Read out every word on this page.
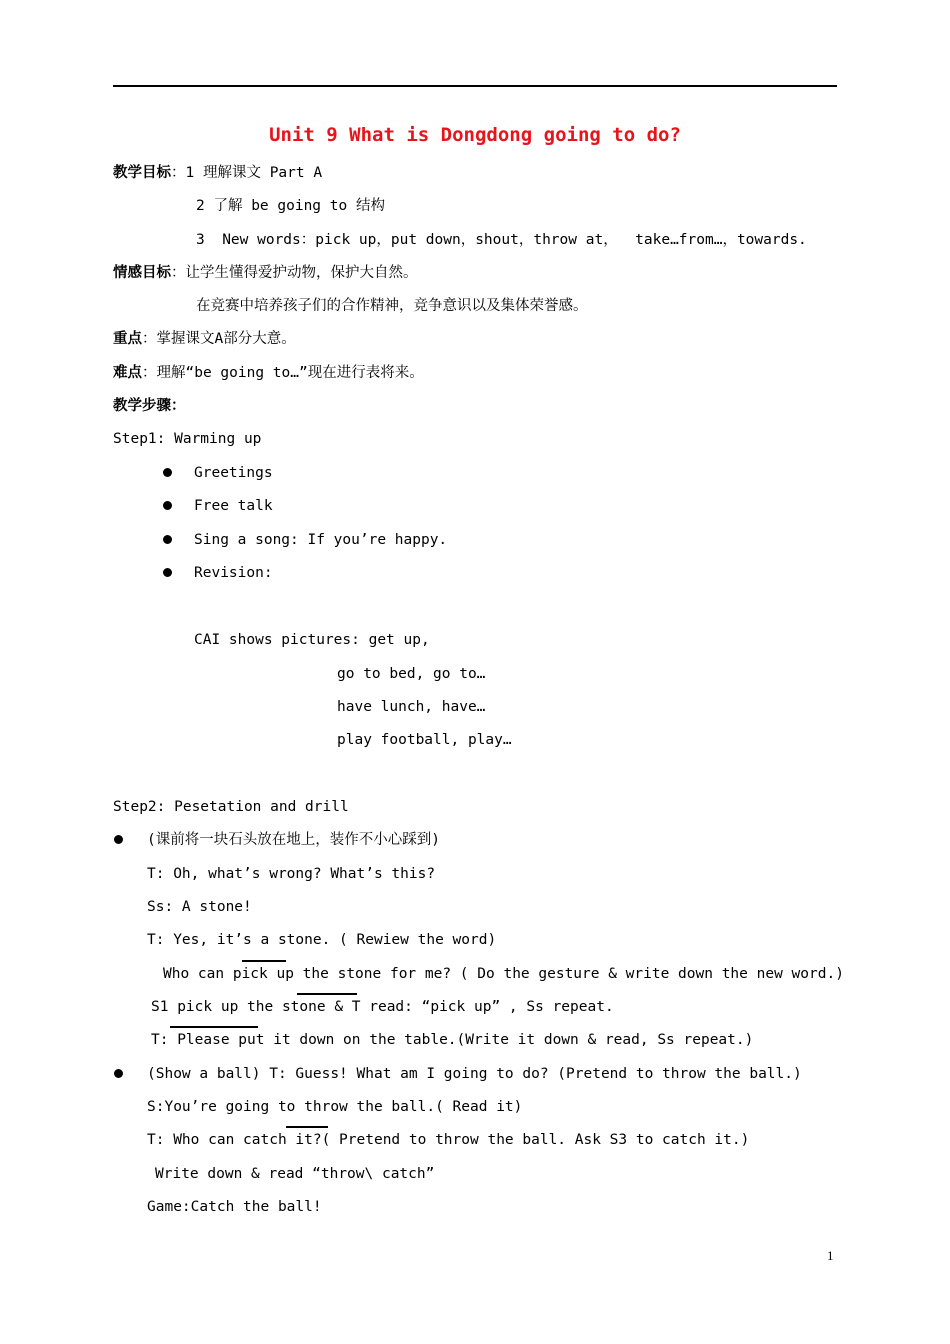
Unit 9 What is Dongdong going to do?
教学目标：1 理解课文 Part A
2 了解 be going to 结构
3  New words：pick up，put down，shout，throw at，  take…from…，towards.
情感目标：让学生懂得爱护动物，保护大自然。
在竞赛中培养孩子们的合作精神，竞争意识以及集体荣誉感。
重点：掌握课文A部分大意。
难点：理解“be going to…”现在进行表将来。
教学步骤：
Step1: Warming up
Greetings
Free talk
Sing a song: If you’re happy.
Revision:
CAI shows pictures: get up,
go to bed, go to…
have lunch, have…
play football, play…
Step2: Pesetation and drill
(课前将一块石头放在地上，装作不小心踩到)
T: Oh, what’s wrong? What’s this?
Ss: A stone!
T: Yes, it’s a stone. ( Rewiew the word)
Who can pick up the stone for me? ( Do the gesture & write down the new word.)
S1 pick up the stone & T read: “pick up” , Ss repeat.
T: Please put it down on the table.(Write it down & read, Ss repeat.)
(Show a ball) T: Guess! What am I going to do? (Pretend to throw the ball.)
S:You’re going to throw the ball.( Read it)
T: Who can catch it?( Pretend to throw the ball. Ask S3 to catch it.)
Write down & read “throw\ catch”
Game:Catch the ball!
1
